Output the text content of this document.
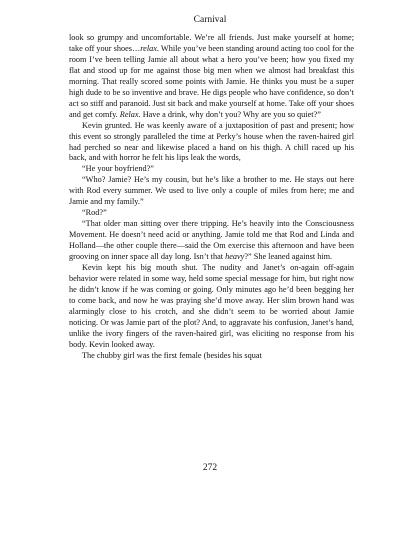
Carnival

look so grumpy and uncomfortable. We’re all friends. Just make yourself at home; take off your shoes…relax. While you’ve been standing around acting too cool for the room I’ve been telling Jamie all about what a hero you’ve been; how you fixed my flat and stood up for me against those big men when we almost had breakfast this morning. That really scored some points with Jamie. He thinks you must be a super high dude to be so inventive and brave. He digs people who have confidence, so don’t act so stiff and paranoid. Just sit back and make yourself at home. Take off your shoes and get comfy. Relax. Have a drink, why don’t you? Why are you so quiet?”

Kevin grunted. He was keenly aware of a juxtaposition of past and present; how this event so strongly paralleled the time at Perky’s house when the raven-haired girl had perched so near and likewise placed a hand on his thigh. A chill raced up his back, and with horror he felt his lips leak the words,

“He your boyfriend?”

“Who? Jamie? He’s my cousin, but he’s like a brother to me. He stays out here with Rod every summer. We used to live only a couple of miles from here; me and Jamie and my family.”

“Rod?”

“That older man sitting over there tripping. He’s heavily into the Consciousness Movement. He doesn’t need acid or anything. Jamie told me that Rod and Linda and Holland—the other couple there—said the Om exercise this afternoon and have been grooving on inner space all day long. Isn’t that heavy?” She leaned against him.

Kevin kept his big mouth shut. The nudity and Janet’s on-again off-again behavior were related in some way, held some special message for him, but right now he didn’t know if he was coming or going. Only minutes ago he’d been begging her to come back, and now he was praying she’d move away. Her slim brown hand was alarmingly close to his crotch, and she didn’t seem to be worried about Jamie noticing. Or was Jamie part of the plot? And, to aggravate his confusion, Janet’s hand, unlike the ivory fingers of the raven-haired girl, was eliciting no response from his body. Kevin looked away.

The chubby girl was the first female (besides his squat

272
